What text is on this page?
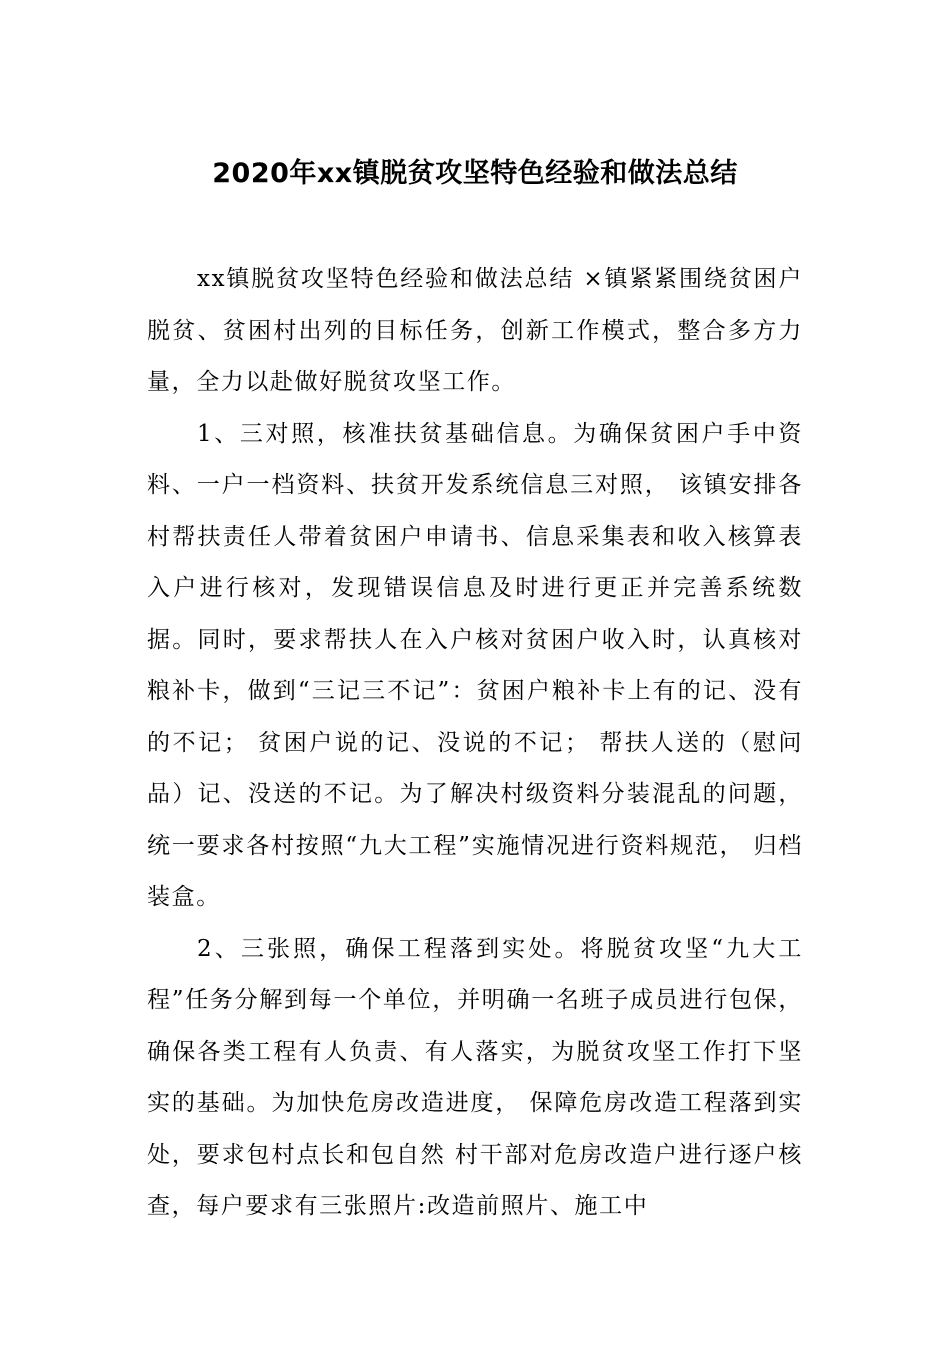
2020年xx镇脱贫攻坚特色经验和做法总结

xx镇脱贫攻坚特色经验和做法总结 ×镇紧紧围绕贫困户脱贫、贫困村出列的目标任务，创新工作模式，整合多方力量，全力以赴做好脱贫攻坚工作。

1、三对照，核准扶贫基础信息。为确保贫困户手中资料、一户一档资料、扶贫开发系统信息三对照， 该镇安排各村帮扶责任人带着贫困户申请书、信息采集表和收入核算表入户进行核对，发现错误信息及时进行更正并完善系统数据。同时，要求帮扶人在入户核对贫困户收入时，认真核对粮补卡，做到“三记三不记”：贫困户粮补卡上有的记、没有的不记； 贫困户说的记、没说的不记； 帮扶人送的（慰问品）记、没送的不记。为了解决村级资料分装混乱的问题，统一要求各村按照“九大工程”实施情况进行资料规范， 归档装盒。

2、三张照，确保工程落到实处。将脱贫攻坚“九大工程”任务分解到每一个单位，并明确一名班子成员进行包保，确保各类工程有人负责、有人落实，为脱贫攻坚工作打下坚实的基础。为加快危房改造进度， 保障危房改造工程落到实处，要求包村点长和包自然 村干部对危房改造户进行逐户核查，每户要求有三张照片:改造前照片、施工中
